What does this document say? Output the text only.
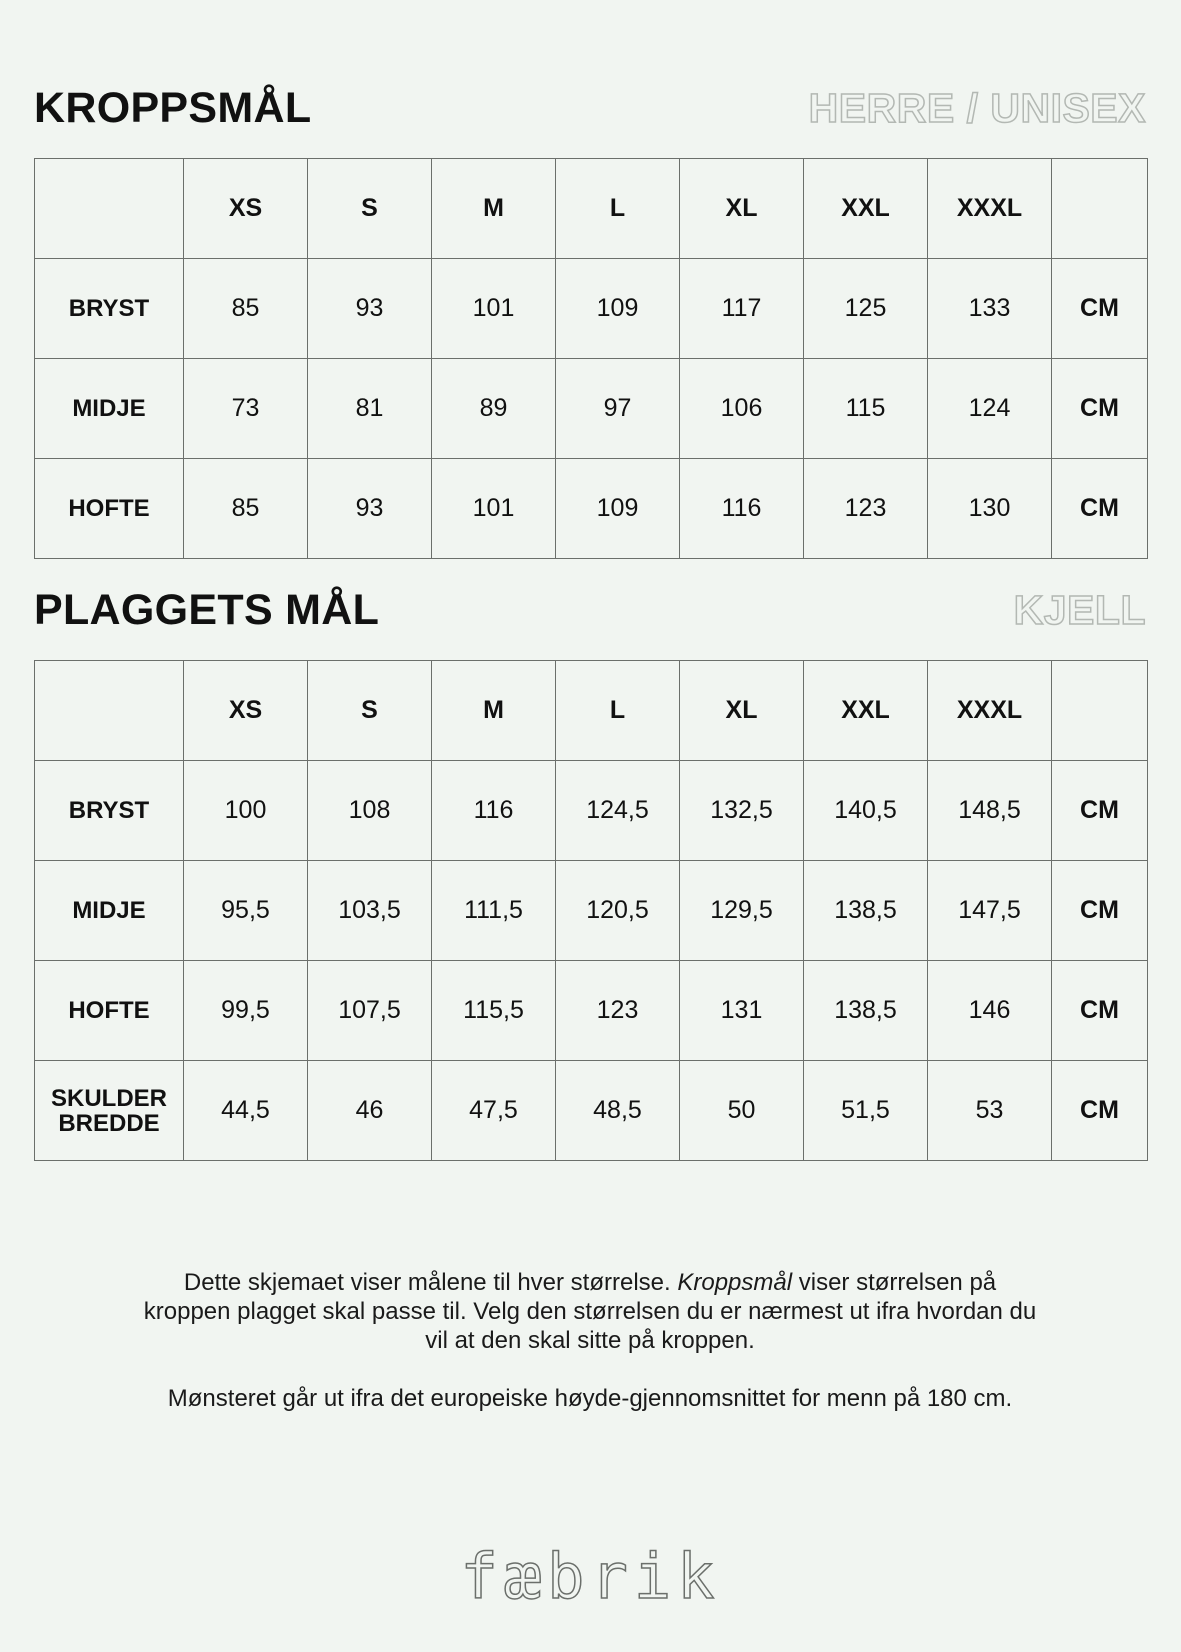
KROPPSMÅL	HERRE / UNISEX
	XS	S	M	L	XL	XXL	XXXL	
BRYST	85	93	101	109	117	125	133	CM
MIDJE	73	81	89	97	106	115	124	CM
HOFTE	85	93	101	109	116	123	130	CM
PLAGGETS MÅL	KJELL
	XS	S	M	L	XL	XXL	XXXL	
BRYST	100	108	116	124,5	132,5	140,5	148,5	CM
MIDJE	95,5	103,5	111,5	120,5	129,5	138,5	147,5	CM
HOFTE	99,5	107,5	115,5	123	131	138,5	146	CM
SKULDER
BREDDE	44,5	46	47,5	48,5	50	51,5	53	CM

Dette skjemaet viser målene til hver størrelse. Kroppsmål viser størrelsen på kroppen plagget skal passe til. Velg den størrelsen du er nærmest ut ifra hvordan du vil at den skal sitte på kroppen.

Mønsteret går ut ifra det europeiske høyde-gjennomsnittet for menn på 180 cm.

fæbrik
